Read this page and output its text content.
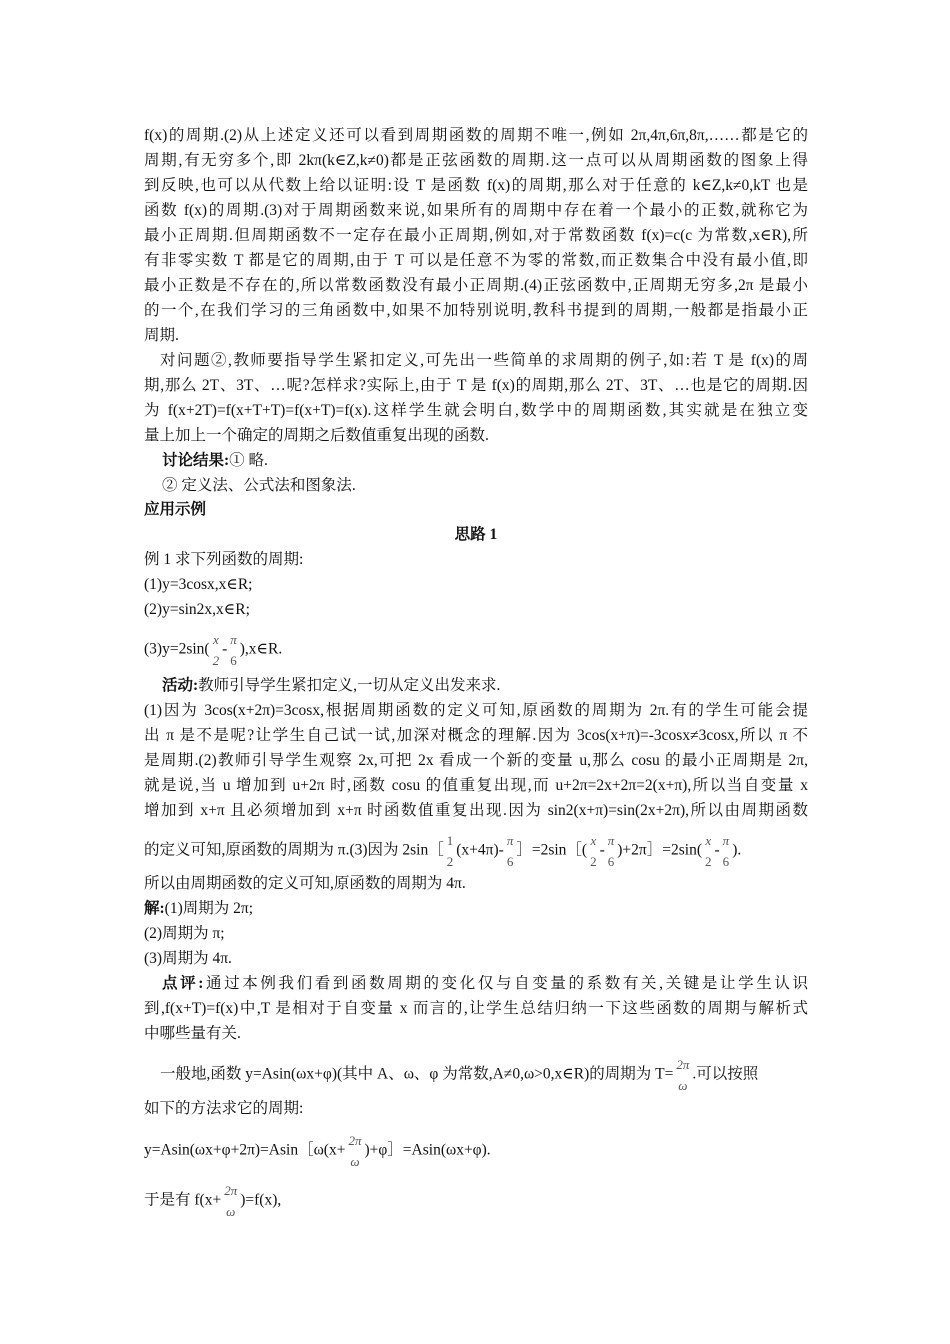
f(x)的周期.(2)从上述定义还可以看到周期函数的周期不唯一,例如 2π,4π,6π,8π,……都是它的
周期,有无穷多个,即 2kπ(k∈Z,k≠0)都是正弦函数的周期.这一点可以从周期函数的图象上得
到反映,也可以从代数上给以证明:设 T 是函数 f(x)的周期,那么对于任意的 k∈Z,k≠0,kT 也是
函数 f(x)的周期.(3)对于周期函数来说,如果所有的周期中存在着一个最小的正数,就称它为
最小正周期.但周期函数不一定存在最小正周期,例如,对于常数函数 f(x)=c(c 为常数,x∈R),所
有非零实数 T 都是它的周期,由于 T 可以是任意不为零的常数,而正数集合中没有最小值,即
最小正数是不存在的,所以常数函数没有最小正周期.(4)正弦函数中,正周期无穷多,2π 是最小
的一个,在我们学习的三角函数中,如果不加特别说明,教科书提到的周期,一般都是指最小正
周期.
对问题②,教师要指导学生紧扣定义,可先出一些简单的求周期的例子,如:若 T 是 f(x)的周
期,那么 2T、3T、…呢?怎样求?实际上,由于 T 是 f(x)的周期,那么 2T、3T、…也是它的周期.因
为 f(x+2T)=f(x+T+T)=f(x+T)=f(x).这样学生就会明白,数学中的周期函数,其实就是在独立变
量上加上一个确定的周期之后数值重复出现的函数.
讨论结果:① 略.
② 定义法、公式法和图象法.
应用示例
思路 1
例 1 求下列函数的周期:
(1)y=3cosx,x∈R;
(2)y=sin2x,x∈R;
(3)y=2sin(
x
2
-
π
6
),x∈R.
活动:教师引导学生紧扣定义,一切从定义出发来求.
(1)因为 3cos(x+2π)=3cosx,根据周期函数的定义可知,原函数的周期为 2π.有的学生可能会提
出 π 是不是呢?让学生自己试一试,加深对概念的理解.因为 3cos(x+π)=-3cosx≠3cosx,所以 π 不
是周期.(2)教师引导学生观察 2x,可把 2x 看成一个新的变量 u,那么 cosu 的最小正周期是 2π,
就是说,当 u 增加到 u+2π 时,函数 cosu 的值重复出现,而 u+2π=2x+2π=2(x+π),所以当自变量 x
增加到 x+π 且必须增加到 x+π 时函数值重复出现.因为 sin2(x+π)=sin(2x+2π),所以由周期函数
的定义可知,原函数的周期为 π.(3)因为 2sin［
1
2
(x+4π)-
π
6
］=2sin［(
x
2
-
π
6
)+2π］=2sin(
x
2
-
π
6
).
所以由周期函数的定义可知,原函数的周期为 4π.
解:(1)周期为 2π;
(2)周期为 π;
(3)周期为 4π.
点评:通过本例我们看到函数周期的变化仅与自变量的系数有关,关键是让学生认识
到,f(x+T)=f(x)中,T 是相对于自变量 x 而言的,让学生总结归纳一下这些函数的周期与解析式
中哪些量有关.
一般地,函数 y=Asin(ωx+φ)(其中 A、ω、φ 为常数,A≠0,ω>0,x∈R)的周期为 T=
2π
ω
.可以按照
如下的方法求它的周期:
y=Asin(ωx+φ+2π)=Asin［ω(x+
2π
ω
)+φ］=Asin(ωx+φ).
于是有 f(x+
2π
ω
)=f(x),
